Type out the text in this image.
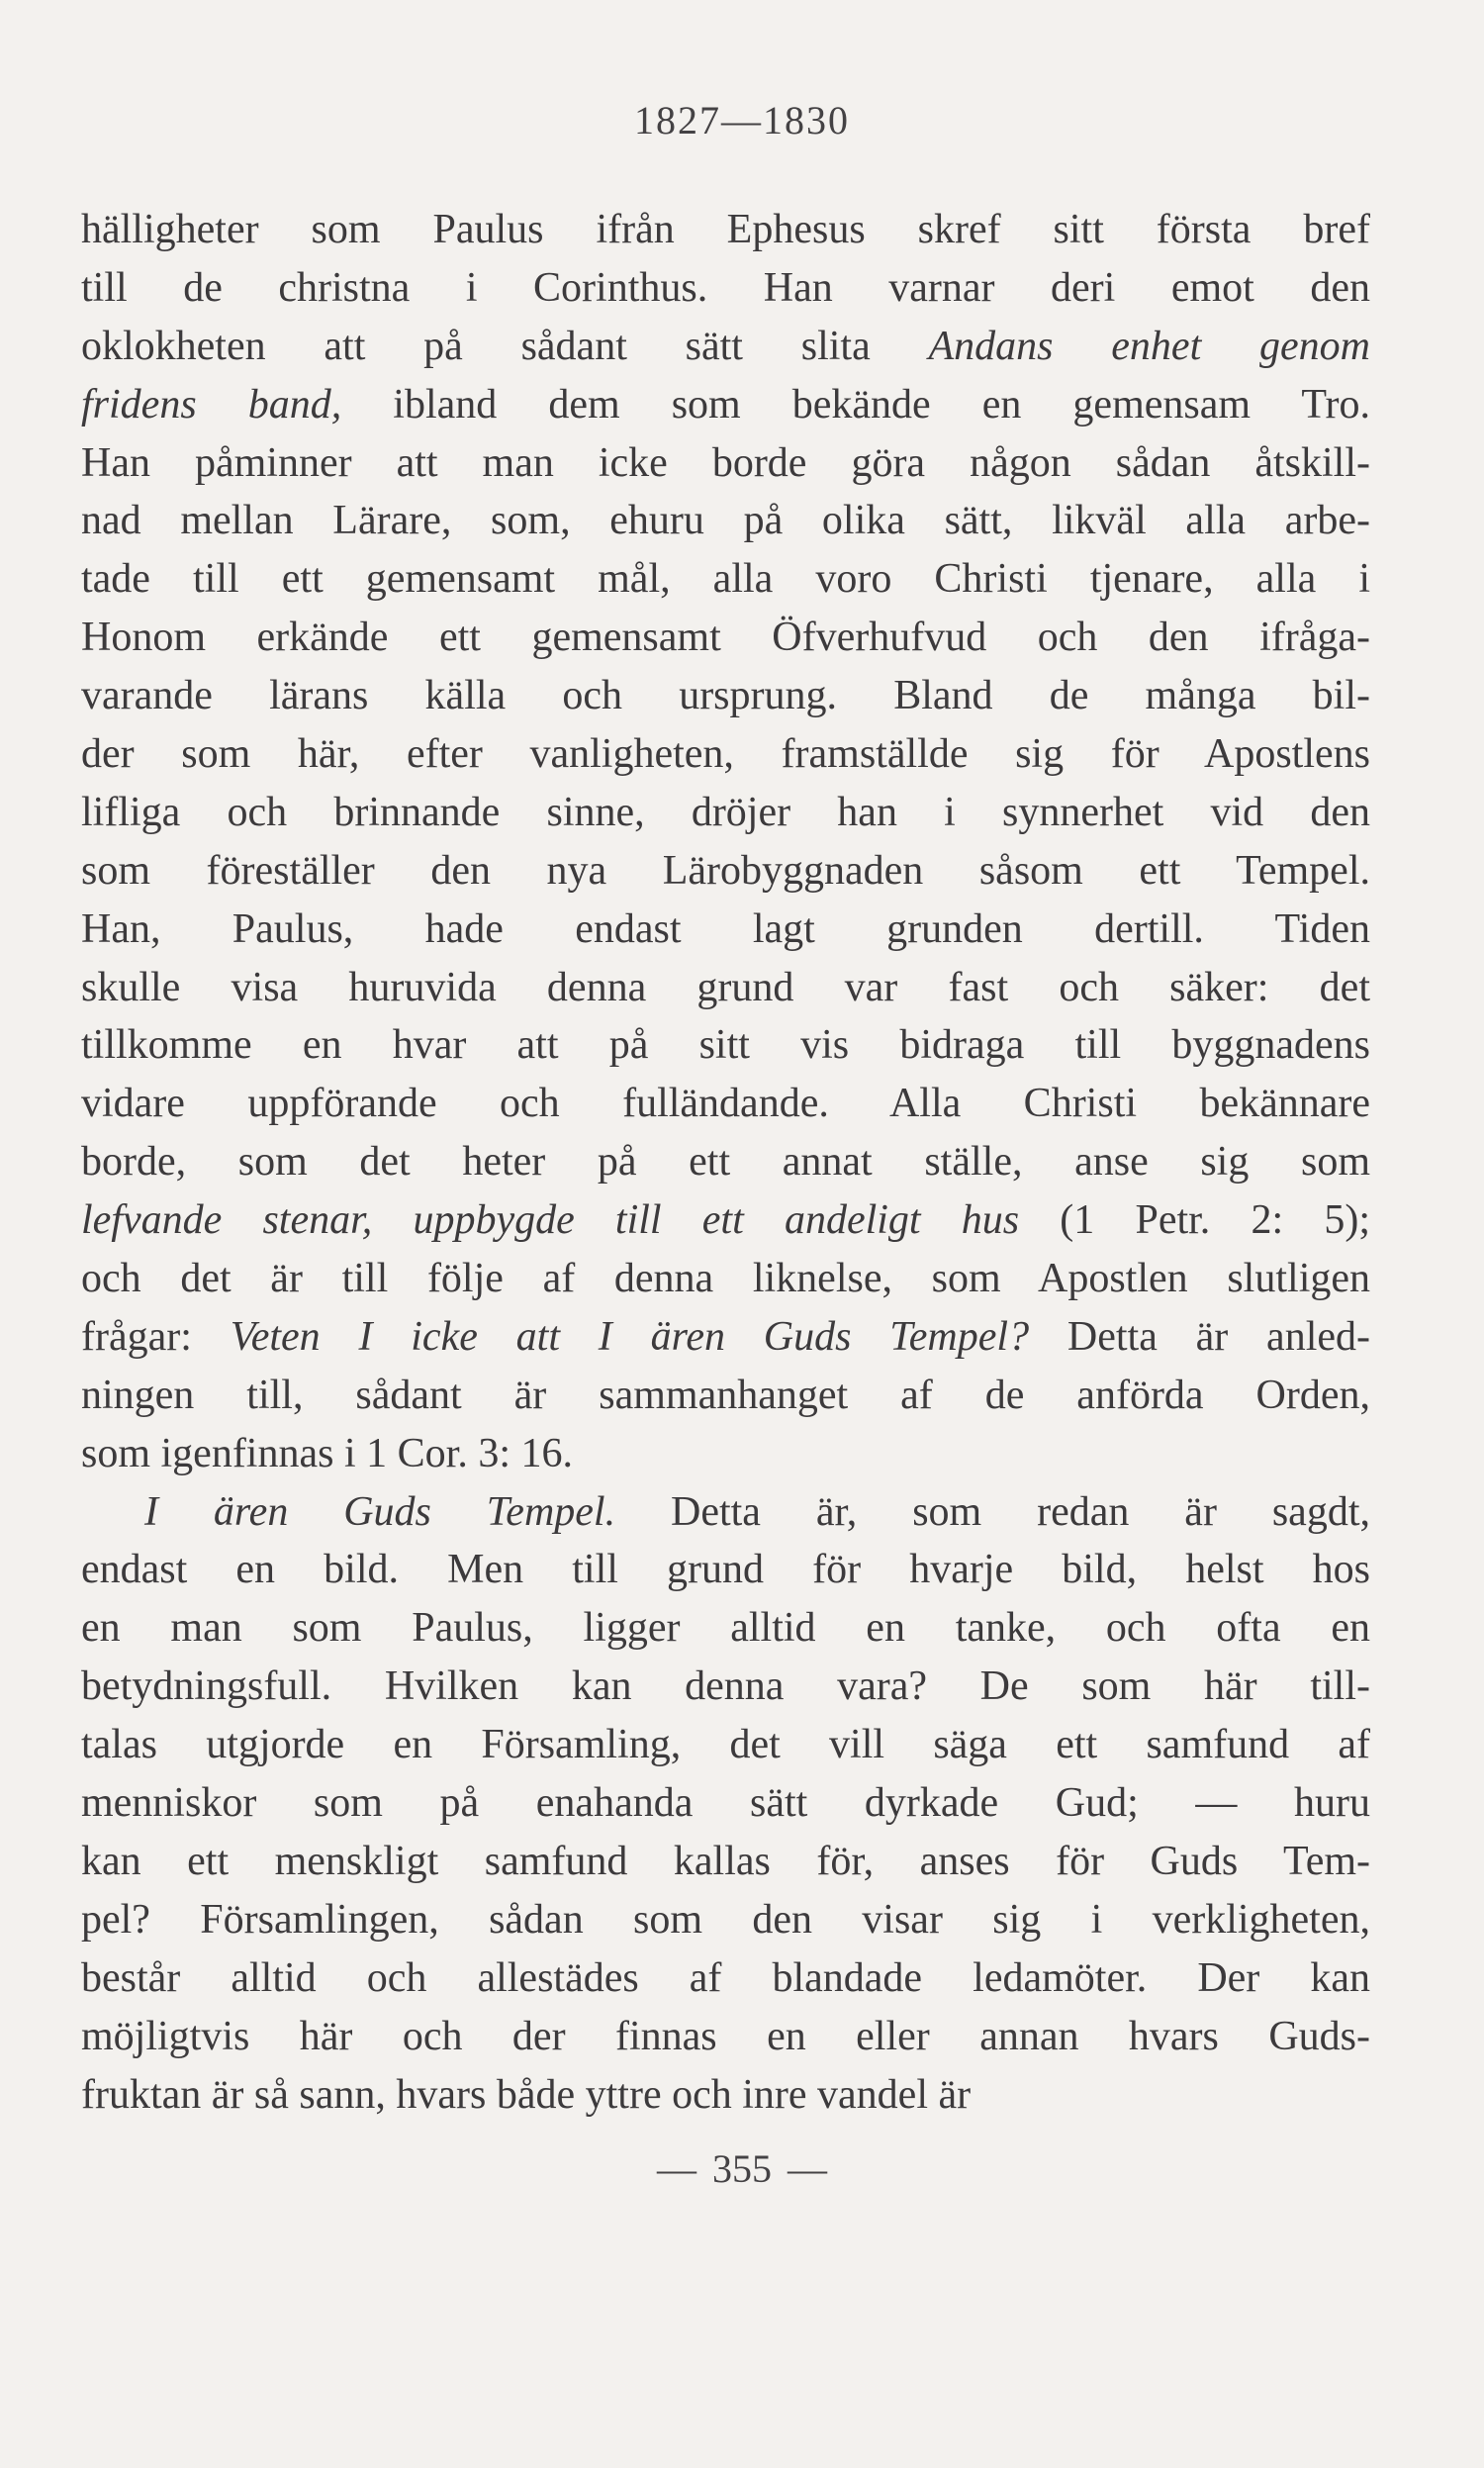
1827—1830
hälligheter som Paulus ifrån Ephesus skref sitt första bref
till de christna i Corinthus. Han varnar deri emot den
oklokheten att på sådant sätt slita Andans enhet genom
fridens band, ibland dem som bekände en gemensam Tro.
Han påminner att man icke borde göra någon sådan åtskill-
nad mellan Lärare, som, ehuru på olika sätt, likväl alla arbe-
tade till ett gemensamt mål, alla voro Christi tjenare, alla i
Honom erkände ett gemensamt Öfverhufvud och den ifråga-
varande lärans källa och ursprung. Bland de många bil-
der som här, efter vanligheten, framställde sig för Apostlens
lifliga och brinnande sinne, dröjer han i synnerhet vid den
som föreställer den nya Lärobyggnaden såsom ett Tempel.
Han, Paulus, hade endast lagt grunden dertill. Tiden
skulle visa huruvida denna grund var fast och säker: det
tillkomme en hvar att på sitt vis bidraga till byggnadens
vidare uppförande och fulländande. Alla Christi bekännare
borde, som det heter på ett annat ställe, anse sig som
lefvande stenar, uppbygde till ett andeligt hus (1 Petr. 2: 5);
och det är till följe af denna liknelse, som Apostlen slutligen
frågar: Veten I icke att I ären Guds Tempel? Detta är anled-
ningen till, sådant är sammanhanget af de anförda Orden,
som igenfinnas i 1 Cor. 3: 16.
I ären Guds Tempel. Detta är, som redan är sagdt,
endast en bild. Men till grund för hvarje bild, helst hos
en man som Paulus, ligger alltid en tanke, och ofta en
betydningsfull. Hvilken kan denna vara? De som här till-
talas utgjorde en Församling, det vill säga ett samfund af
menniskor som på enahanda sätt dyrkade Gud; — huru
kan ett menskligt samfund kallas för, anses för Guds Tem-
pel? Församlingen, sådan som den visar sig i verkligheten,
består alltid och allestädes af blandade ledamöter. Der kan
möjligtvis här och der finnas en eller annan hvars Guds-
fruktan är så sann, hvars både yttre och inre vandel är
— 355 —
